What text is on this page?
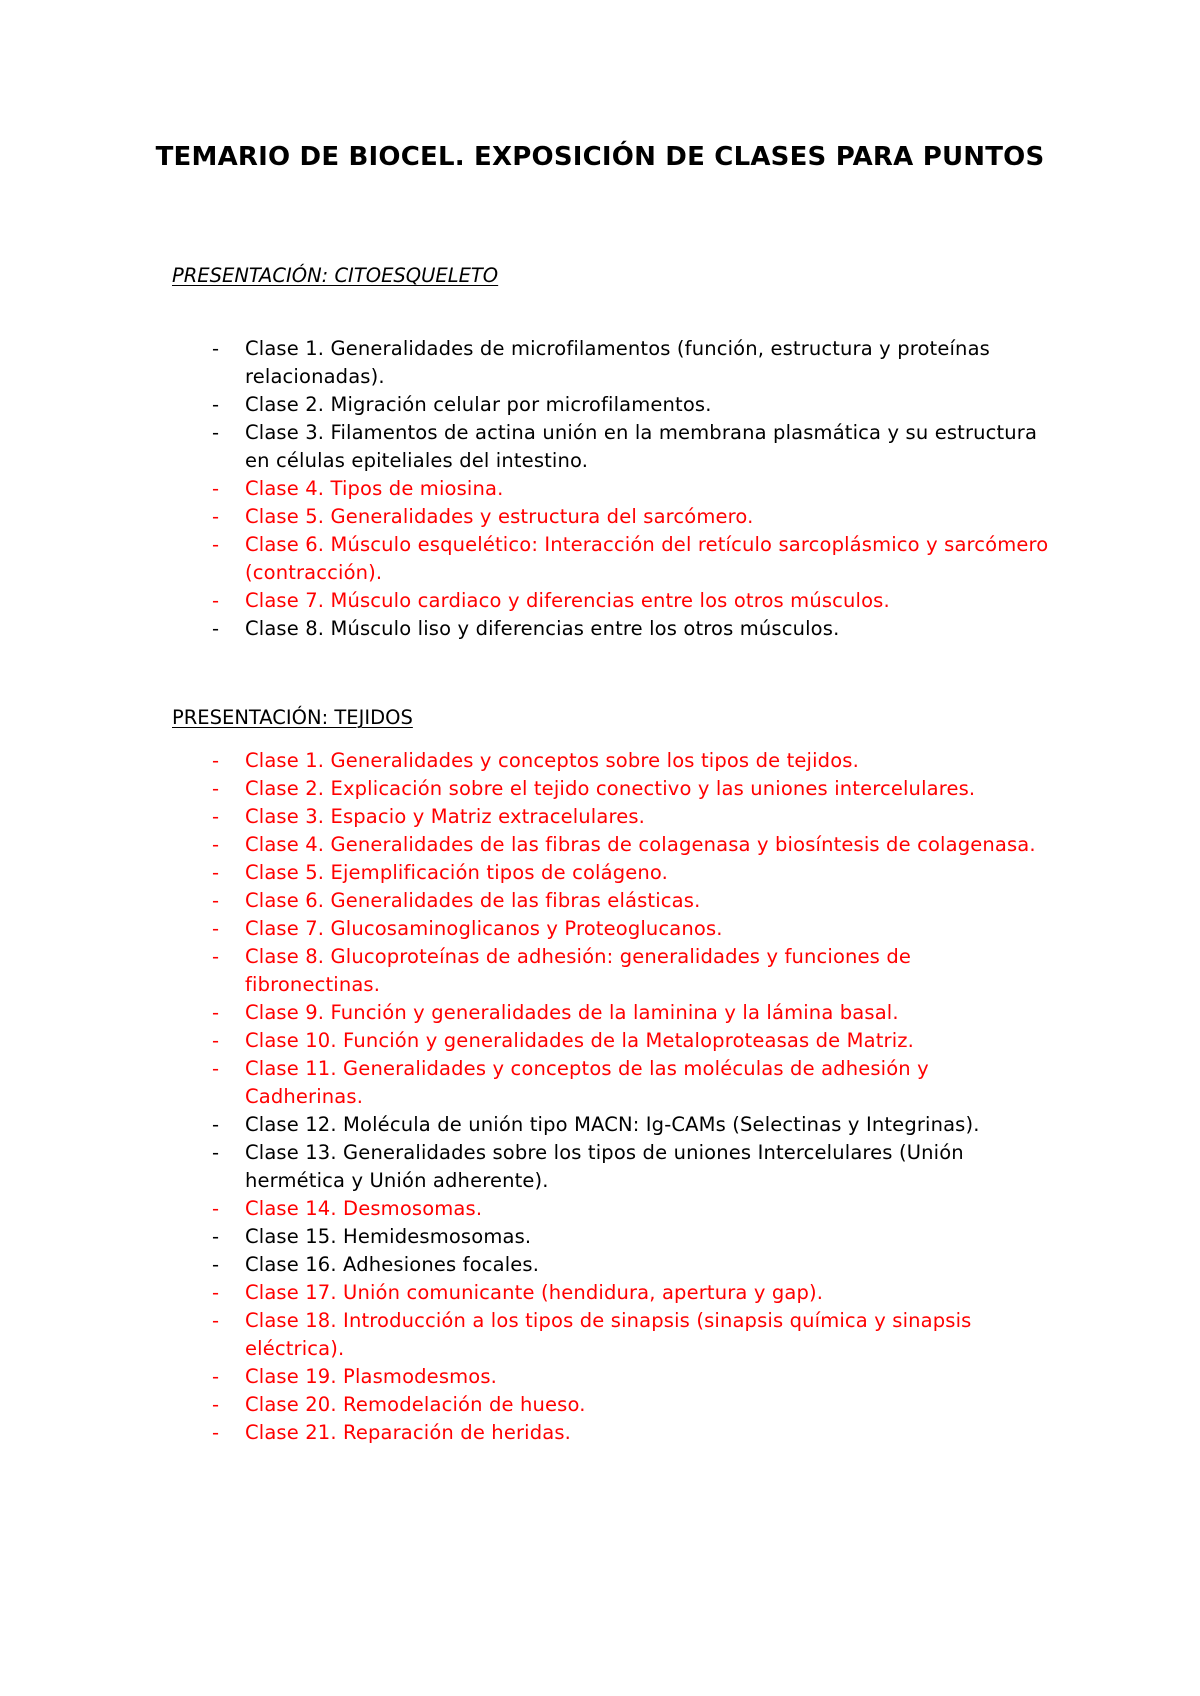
TEMARIO DE BIOCEL. EXPOSICIÓN DE CLASES PARA PUNTOS
PRESENTACIÓN: CITOESQUELETO
- Clase 1. Generalidades de microfilamentos (función, estructura y proteínas relacionadas).
- Clase 2. Migración celular por microfilamentos.
- Clase 3. Filamentos de actina unión en la membrana plasmática y su estructura en células epiteliales del intestino.
- Clase 4. Tipos de miosina.
- Clase 5. Generalidades y estructura del sarcómero.
- Clase 6. Músculo esquelético: Interacción del retículo sarcoplásmico y sarcómero (contracción).
- Clase 7. Músculo cardiaco y diferencias entre los otros músculos.
- Clase 8. Músculo liso y diferencias entre los otros músculos.
PRESENTACIÓN: TEJIDOS
- Clase 1. Generalidades y conceptos sobre los tipos de tejidos.
- Clase 2. Explicación sobre el tejido conectivo y las uniones intercelulares.
- Clase 3. Espacio y Matriz extracelulares.
- Clase 4. Generalidades de las fibras de colagenasa y biosíntesis de colagenasa.
- Clase 5. Ejemplificación tipos de colágeno.
- Clase 6. Generalidades de las fibras elásticas.
- Clase 7. Glucosaminoglicanos y Proteoglucanos.
- Clase 8. Glucoproteínas de adhesión: generalidades y funciones de fibronectinas.
- Clase 9. Función y generalidades de la laminina y la lámina basal.
- Clase 10. Función y generalidades de la Metaloproteasas de Matriz.
- Clase 11. Generalidades y conceptos de las moléculas de adhesión y Cadherinas.
- Clase 12. Molécula de unión tipo MACN: Ig-CAMs (Selectinas y Integrinas).
- Clase 13. Generalidades sobre los tipos de uniones Intercelulares (Unión hermética y Unión adherente).
- Clase 14. Desmosomas.
- Clase 15. Hemidesmosomas.
- Clase 16. Adhesiones focales.
- Clase 17. Unión comunicante (hendidura, apertura y gap).
- Clase 18. Introducción a los tipos de sinapsis (sinapsis química y sinapsis eléctrica).
- Clase 19. Plasmodesmos.
- Clase 20. Remodelación de hueso.
- Clase 21. Reparación de heridas.
